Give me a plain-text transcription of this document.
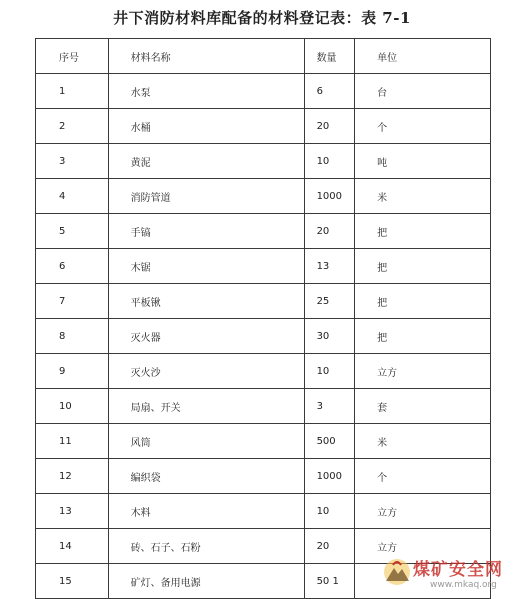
井下消防材料库配备的材料登记表：表 7-1
序号	材料名称	数量	单位
1	水泵	6	台
2	水桶	20	个
3	黄泥	10	吨
4	消防管道	1000	米
5	手镐	20	把
6	木锯	13	把
7	平板锹	25	把
8	灭火器	30	把
9	灭火沙	10	立方
10	局扇、开关	3	套
11	风筒	500	米
12	编织袋	1000	个
13	木料	10	立方
14	砖、石子、石粉	20	立方
15	矿灯、备用电源	50 1	
煤矿安全网
www.mkaq.org
